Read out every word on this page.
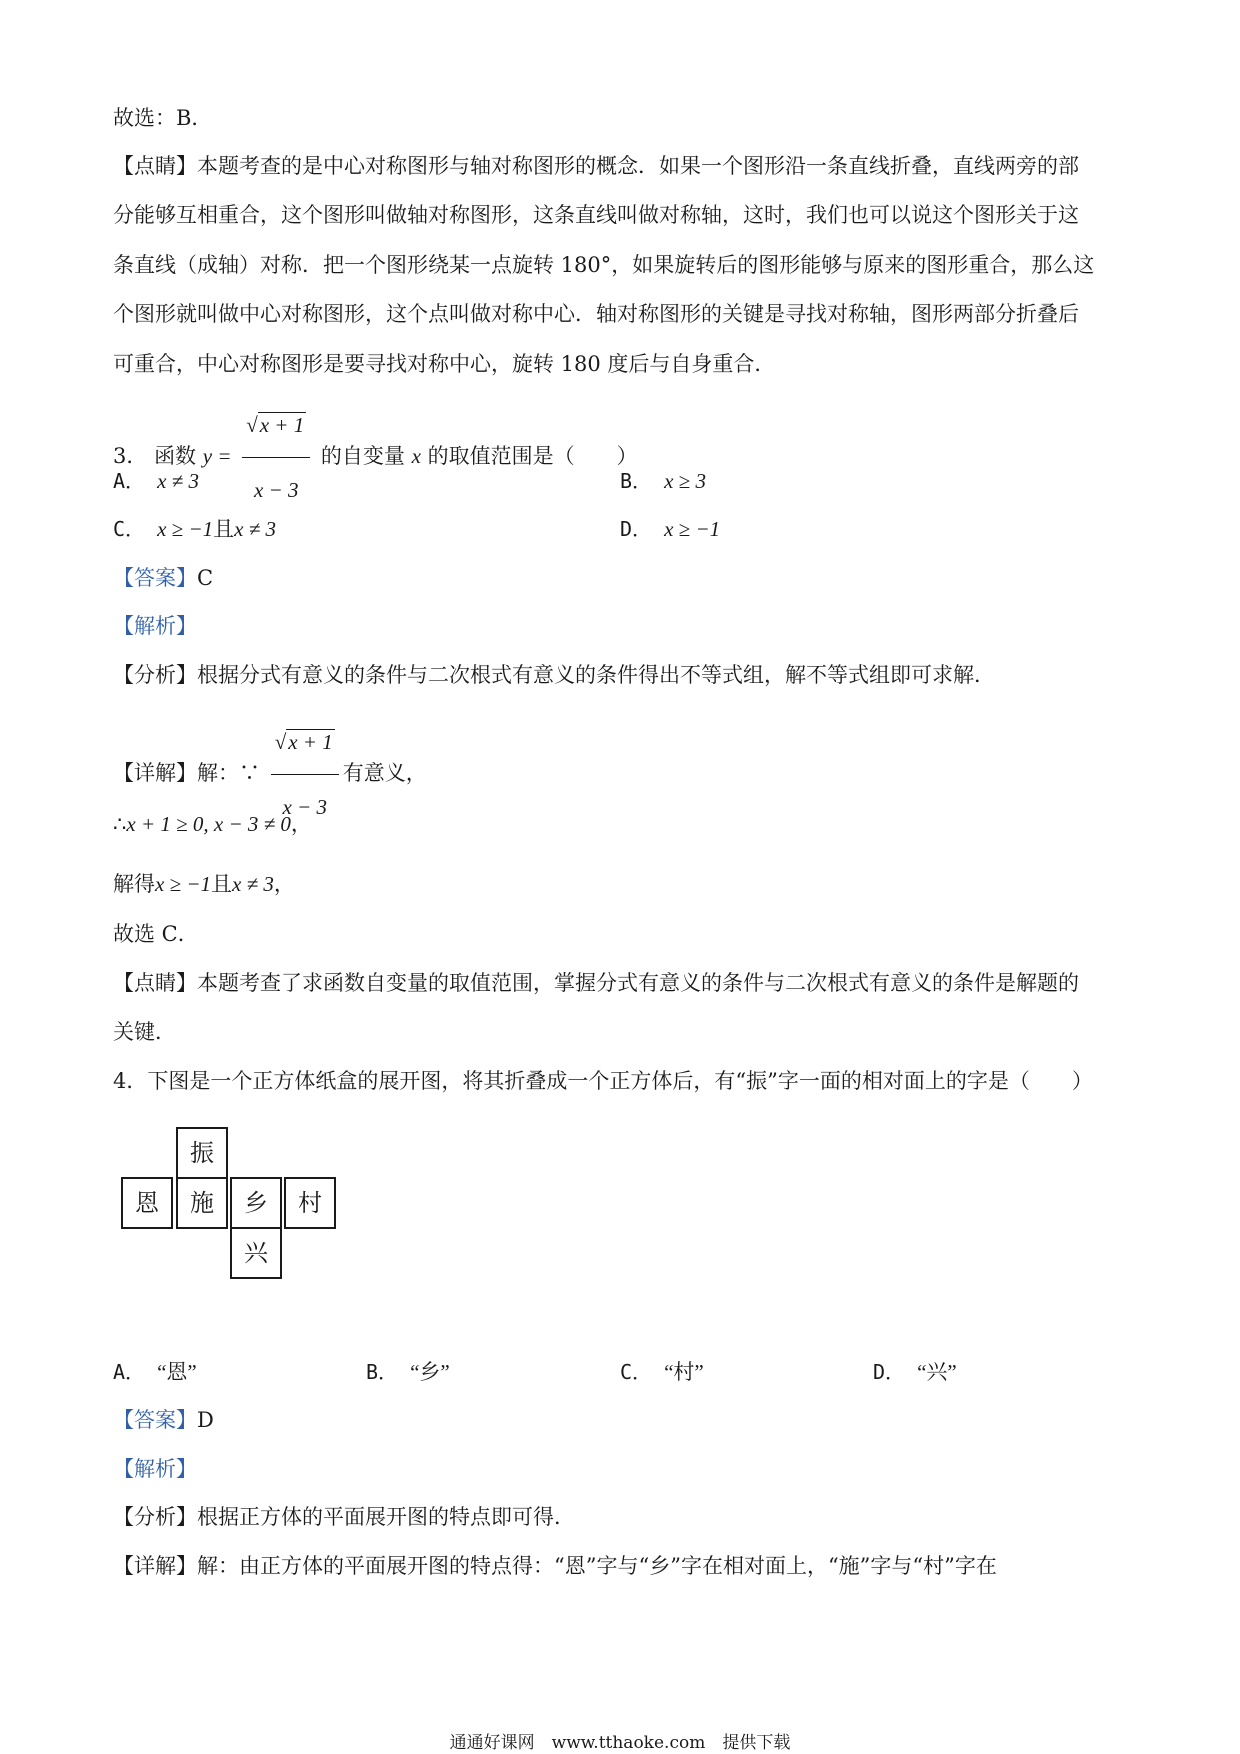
故选：B．
【点睛】本题考查的是中心对称图形与轴对称图形的概念．如果一个图形沿一条直线折叠，直线两旁的部
分能够互相重合，这个图形叫做轴对称图形，这条直线叫做对称轴，这时，我们也可以说这个图形关于这
条直线（成轴）对称．把一个图形绕某一点旋转 180°，如果旋转后的图形能够与原来的图形重合，那么这
个图形就叫做中心对称图形，这个点叫做对称中心．轴对称图形的关键是寻找对称轴，图形两部分折叠后
可重合，中心对称图形是要寻找对称中心，旋转 180 度后与自身重合．
3． 函数 $y = \frac{√x + 1}{x - 3}$ 的自变量 x 的取值范围是（　　）
A． x ≠ 3	B． x ≥ 3
C． x ≥ −1且x ≠ 3	D． x ≥ −1
【答案】C
【解析】
【分析】根据分式有意义的条件与二次根式有意义的条件得出不等式组，解不等式组即可求解．
【详解】解：∵ $\frac{√x + 1}{x - 3}$ 有意义，
∴x + 1 ≥ 0, x − 3 ≠ 0，
解得x ≥ −1且x ≠ 3，
故选 C．
【点睛】本题考查了求函数自变量的取值范围，掌握分式有意义的条件与二次根式有意义的条件是解题的
关键．
4．下图是一个正方体纸盒的展开图，将其折叠成一个正方体后，有“振”字一面的相对面上的字是（　　）
振
恩	施	乡	村
兴
A． “恩”	B． “乡”	C． “村”	D． “兴”
【答案】D
【解析】
【分析】根据正方体的平面展开图的特点即可得．
【详解】解：由正方体的平面展开图的特点得：“恩”字与“乡”字在相对面上，“施”字与“村”字在
通通好课网　www.tthaoke.com　提供下载
